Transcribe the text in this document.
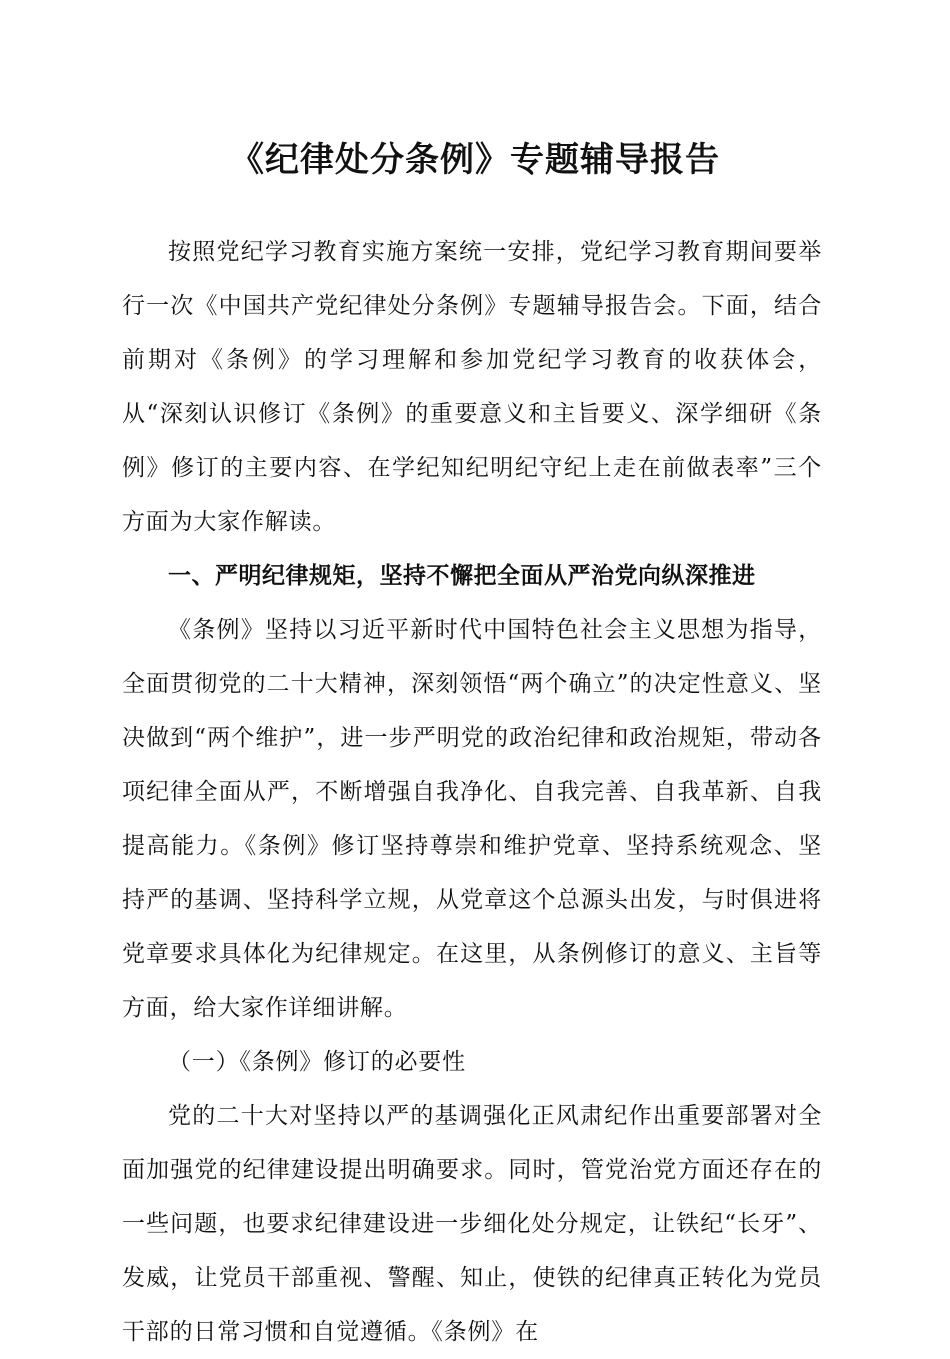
《纪律处分条例》专题辅导报告

按照党纪学习教育实施方案统一安排，党纪学习教育期间要举行一次《中国共产党纪律处分条例》专题辅导报告会。下面，结合前期对《条例》的学习理解和参加党纪学习教育的收获体会，从“深刻认识修订《条例》的重要意义和主旨要义、深学细研《条例》修订的主要内容、在学纪知纪明纪守纪上走在前做表率”三个方面为大家作解读。

一、严明纪律规矩，坚持不懈把全面从严治党向纵深推进

《条例》坚持以习近平新时代中国特色社会主义思想为指导，全面贯彻党的二十大精神，深刻领悟“两个确立”的决定性意义、坚决做到“两个维护”，进一步严明党的政治纪律和政治规矩，带动各项纪律全面从严，不断增强自我净化、自我完善、自我革新、自我提高能力。《条例》修订坚持尊崇和维护党章、坚持系统观念、坚持严的基调、坚持科学立规，从党章这个总源头出发，与时俱进将党章要求具体化为纪律规定。在这里，从条例修订的意义、主旨等方面，给大家作详细讲解。

（一）《条例》修订的必要性

党的二十大对坚持以严的基调强化正风肃纪作出重要部署对全面加强党的纪律建设提出明确要求。同时，管党治党方面还存在的一些问题，也要求纪律建设进一步细化处分规定，让铁纪“长牙”、发威，让党员干部重视、警醒、知止，使铁的纪律真正转化为党员干部的日常习惯和自觉遵循。《条例》在
